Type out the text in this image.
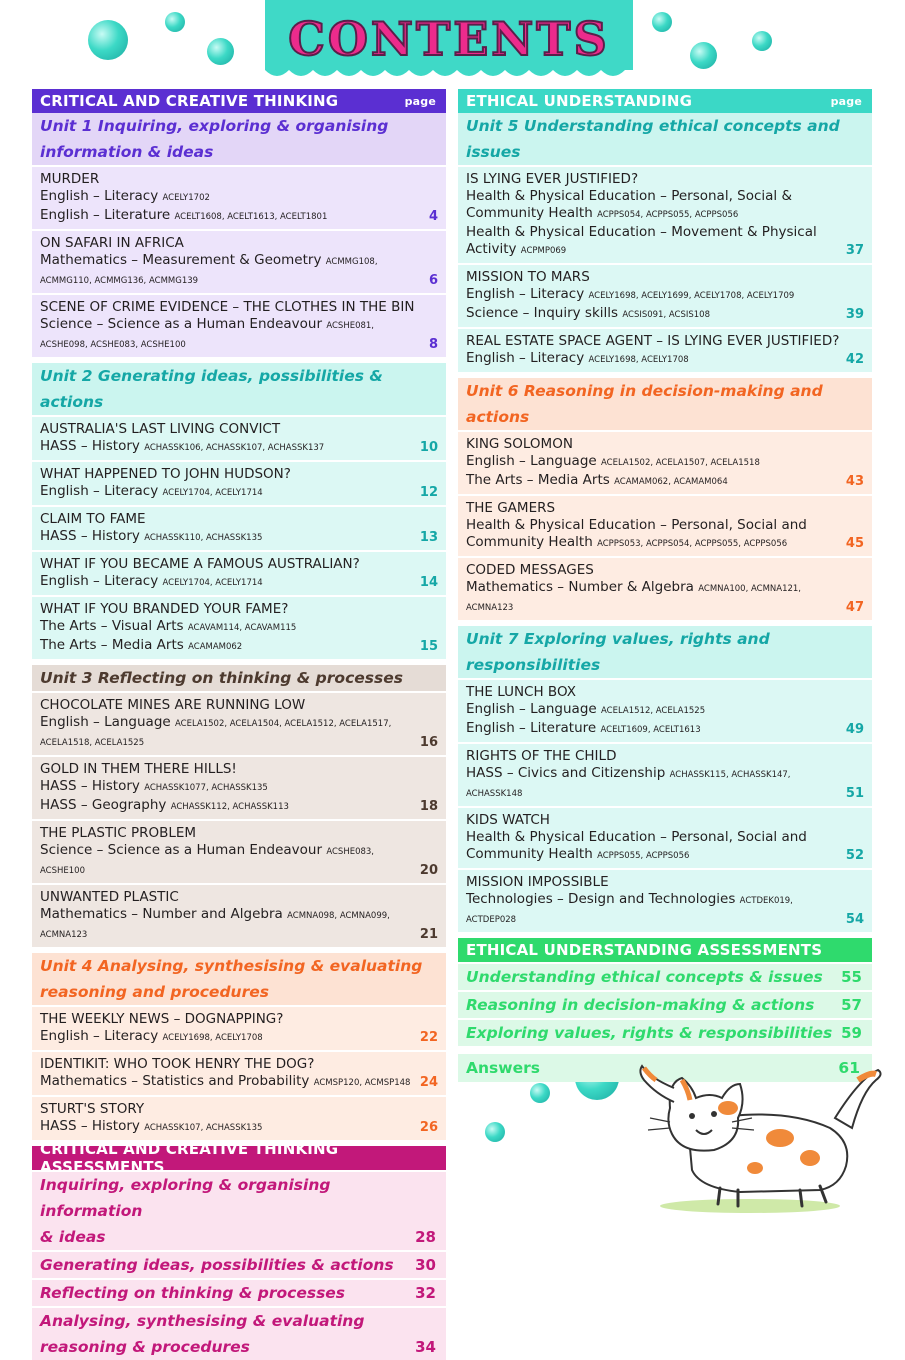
CONTENTS
CRITICAL AND CREATIVE THINKING	page
Unit 1 Inquiring, exploring & organising
information & ideas
MURDER
English – Literacy ACELY1702
English – Literature ACELT1608, ACELT1613, ACELT1801	4
ON SAFARI IN AFRICA
Mathematics – Measurement & Geometry ACMMG108, ACMMG110, ACMMG136, ACMMG139	6
SCENE OF CRIME EVIDENCE – THE CLOTHES IN THE BIN
Science – Science as a Human Endeavour ACSHE081, ACSHE098, ACSHE083, ACSHE100	8
Unit 2 Generating ideas, possibilities & actions
AUSTRALIA'S LAST LIVING CONVICT
HASS – History ACHASSK106, ACHASSK107, ACHASSK137	10
WHAT HAPPENED TO JOHN HUDSON?
English – Literacy ACELY1704, ACELY1714	12
CLAIM TO FAME
HASS – History ACHASSK110, ACHASSK135	13
WHAT IF YOU BECAME A FAMOUS AUSTRALIAN?
English – Literacy ACELY1704, ACELY1714	14
WHAT IF YOU BRANDED YOUR FAME?
The Arts – Visual Arts ACAVAM114, ACAVAM115
The Arts – Media Arts ACAMAM062	15
Unit 3 Reflecting on thinking & processes
CHOCOLATE MINES ARE RUNNING LOW
English – Language ACELA1502, ACELA1504, ACELA1512, ACELA1517, ACELA1518, ACELA1525	16
GOLD IN THEM THERE HILLS!
HASS – History ACHASSK1077, ACHASSK135
HASS – Geography ACHASSK112, ACHASSK113	18
THE PLASTIC PROBLEM
Science – Science as a Human Endeavour ACSHE083, ACSHE100	20
UNWANTED PLASTIC
Mathematics – Number and Algebra ACMNA098, ACMNA099, ACMNA123	21
Unit 4 Analysing, synthesising & evaluating
reasoning and procedures
THE WEEKLY NEWS – DOGNAPPING?
English – Literacy ACELY1698, ACELY1708	22
IDENTIKIT: WHO TOOK HENRY THE DOG?
Mathematics – Statistics and Probability ACMSP120, ACMSP148 24
STURT'S STORY
HASS – History ACHASSK107, ACHASSK135	26
CRITICAL AND CREATIVE THINKING ASSESSMENTS
Inquiring, exploring & organising information
& ideas	28
Generating ideas, possibilities & actions 30
Reflecting on thinking & processes	32
Analysing, synthesising & evaluating
reasoning & procedures	34
ETHICAL UNDERSTANDING	page
Unit 5 Understanding ethical concepts and issues
IS LYING EVER JUSTIFIED?
Health & Physical Education – Personal, Social &
Community Health ACPPS054, ACPPS055, ACPPS056
Health & Physical Education – Movement & Physical Activity ACPMP069	37
MISSION TO MARS
English – Literacy ACELY1698, ACELY1699, ACELY1708, ACELY1709
Science – Inquiry skills ACSIS091, ACSIS108	39
REAL ESTATE SPACE AGENT – IS LYING EVER JUSTIFIED?
English – Literacy ACELY1698, ACELY1708	42
Unit 6 Reasoning in decision-making and actions
KING SOLOMON
English – Language ACELA1502, ACELA1507, ACELA1518
The Arts – Media Arts ACAMAM062, ACAMAM064	43
THE GAMERS
Health & Physical Education – Personal, Social and
Community Health ACPPS053, ACPPS054, ACPPS055, ACPPS056	45
CODED MESSAGES
Mathematics – Number & Algebra ACMNA100, ACMNA121, ACMNA123	47
Unit 7 Exploring values, rights and responsibilities
THE LUNCH BOX
English – Language ACELA1512, ACELA1525
English – Literature ACELT1609, ACELT1613	49
RIGHTS OF THE CHILD
HASS – Civics and Citizenship ACHASSK115, ACHASSK147, ACHASSK148	51
KIDS WATCH
Health & Physical Education – Personal, Social and
Community Health ACPPS055, ACPPS056	52
MISSION IMPOSSIBLE
Technologies – Design and Technologies ACTDEK019, ACTDEP028	54
ETHICAL UNDERSTANDING ASSESSMENTS
Understanding ethical concepts & issues 55
Reasoning in decision-making & actions 57
Exploring values, rights & responsibilities 59
Answers	61
